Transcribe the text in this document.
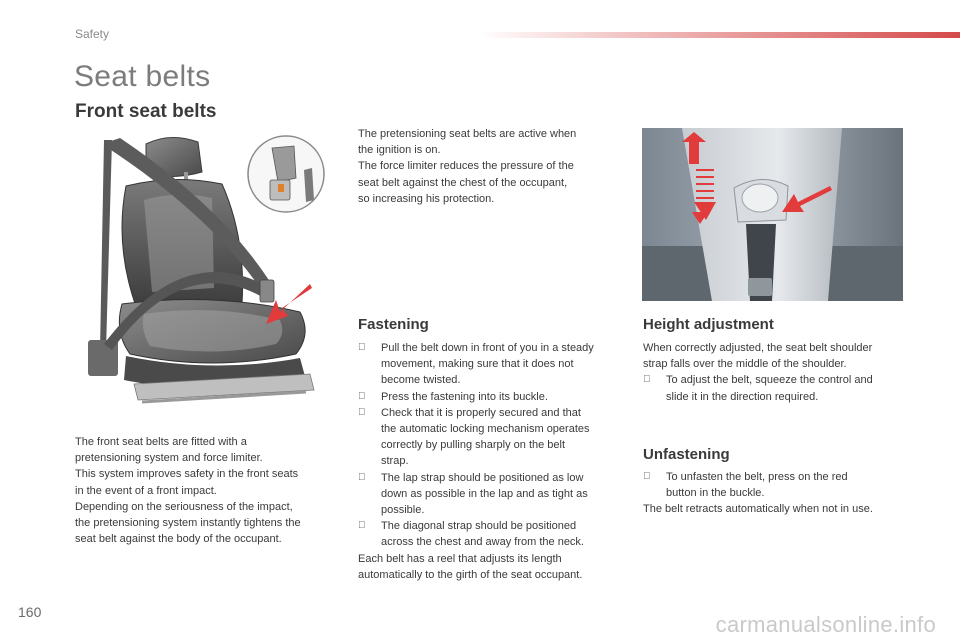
Safety
Seat belts
Front seat belts

The front seat belts are fitted with a

pretensioning system and force limiter.

This system improves safety in the front seats

in the event of a front impact.

Depending on the seriousness of the impact,

the pretensioning system instantly tightens the

seat belt against the body of the occupant.

The pretensioning seat belts are active when

the ignition is on.

The force limiter reduces the pressure of the

seat belt against the chest of the occupant,

so increasing his protection.

Fastening

Pull the belt down in front of you in a steady

movement, making sure that it does not

become twisted.

Press the fastening into its buckle.

Check that it is properly secured and that

the automatic locking mechanism operates

correctly by pulling sharply on the belt

strap.

The lap strap should be positioned as low

down as possible in the lap and as tight as

possible.

The diagonal strap should be positioned

across the chest and away from the neck.

Each belt has a reel that adjusts its length

automatically to the girth of the seat occupant.

Height adjustment

When correctly adjusted, the seat belt shoulder

strap falls over the middle of the shoulder.

To adjust the belt, squeeze the control and

slide it in the direction required.

Unfastening

To unfasten the belt, press on the red

button in the buckle.

The belt retracts automatically when not in use.

160	carmanualsonline.info
